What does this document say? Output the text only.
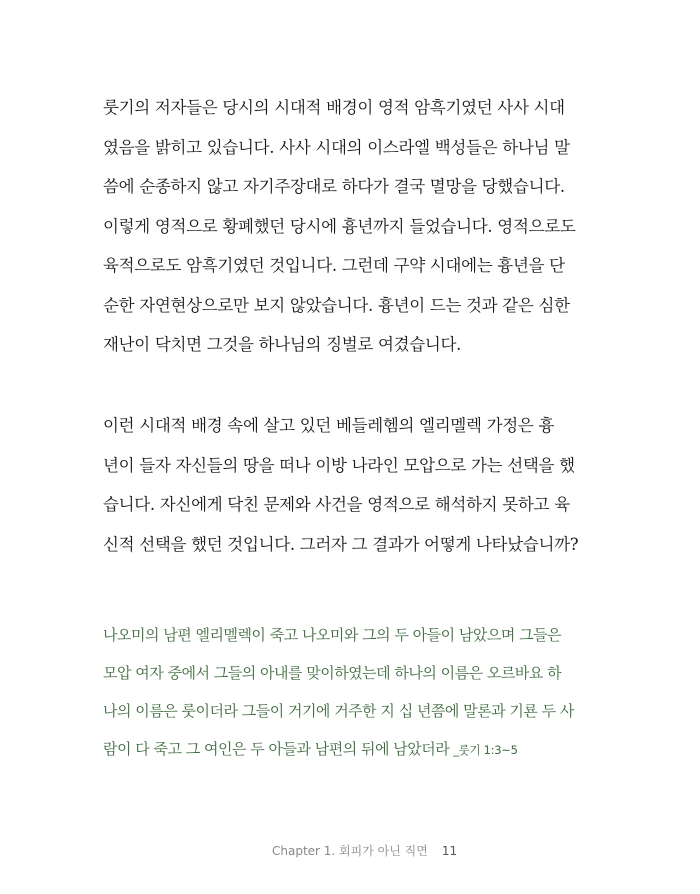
룻기의 저자들은 당시의 시대적 배경이 영적 암흑기였던 사사 시대
였음을 밝히고 있습니다. 사사 시대의 이스라엘 백성들은 하나님 말
씀에 순종하지 않고 자기주장대로 하다가 결국 멸망을 당했습니다.
이렇게 영적으로 황폐했던 당시에 흉년까지 들었습니다. 영적으로도
육적으로도 암흑기였던 것입니다. 그런데 구약 시대에는 흉년을 단
순한 자연현상으로만 보지 않았습니다. 흉년이 드는 것과 같은 심한
재난이 닥치면 그것을 하나님의 징벌로 여겼습니다.
이런 시대적 배경 속에 살고 있던 베들레헴의 엘리멜렉 가정은 흉
년이 들자 자신들의 땅을 떠나 이방 나라인 모압으로 가는 선택을 했
습니다. 자신에게 닥친 문제와 사건을 영적으로 해석하지 못하고 육
신적 선택을 했던 것입니다. 그러자 그 결과가 어떻게 나타났습니까?
나오미의 남편 엘리멜렉이 죽고 나오미와 그의 두 아들이 남았으며 그들은
모압 여자 중에서 그들의 아내를 맞이하였는데 하나의 이름은 오르바요 하
나의 이름은 룻이더라 그들이 거기에 거주한 지 십 년쯤에 말론과 기룐 두 사
람이 다 죽고 그 여인은 두 아들과 남편의 뒤에 남았더라 _룻기 1:3~5
Chapter 1. 회피가 아닌 직면 11
